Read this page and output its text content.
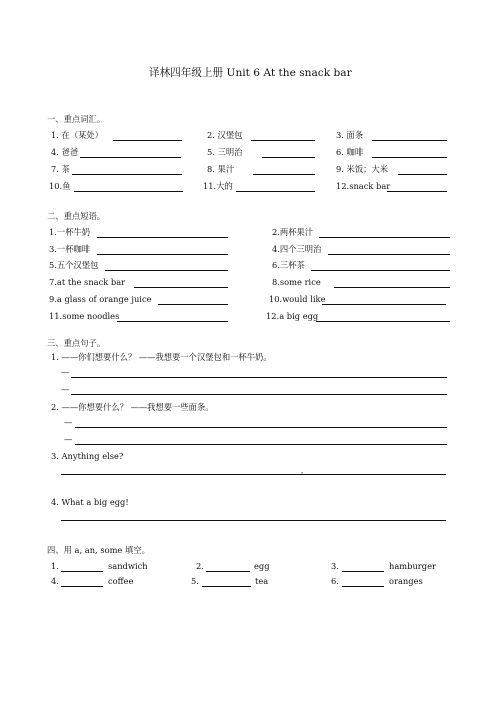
译林四年级上册 Unit 6 At the snack bar
一、重点词汇。
1. 在（某处）	2. 汉堡包	3. 面条
4. 爸爸	5. 三明治	6. 咖啡
7. 茶	8. 果汁	9. 米饭；大米
10.鱼	11.大的	12.snack bar
二、重点短语。
1.一杯牛奶	2.两杯果汁
3.一杯咖啡	4.四个三明治
5.五个汉堡包	6.三杯茶
7.at the snack bar	8.some rice
9.a glass of orange juice	10.would like
11.some noodles	12.a big egg
三、重点句子。
1. ——你们想要什么？ ——我想要一个汉堡包和一杯牛奶。
—
—
2. ——你想要什么？ ——我想要一些面条。
—
—
3. Anything else?
,
4. What a big egg!
四、用 a, an, some 填空。
1.	sandwich	2.	egg	3.	hamburger
4.	coffee	5.	tea	6.	oranges
